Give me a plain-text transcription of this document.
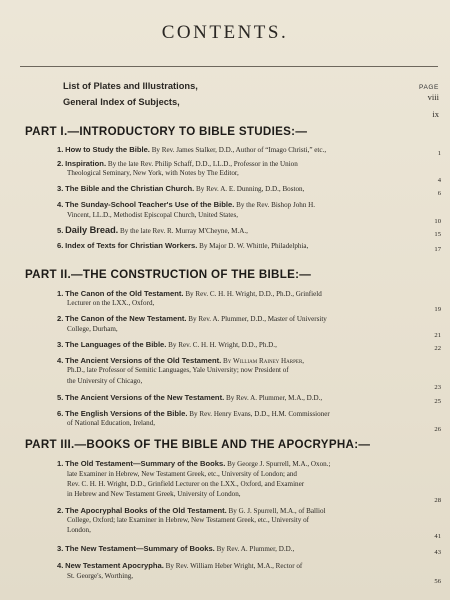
CONTENTS.
PAGE
List of Plates and Illustrations,
viii
General Index of Subjects,
ix
PART I.—INTRODUCTORY TO BIBLE STUDIES:—
1. How to Study the Bible. By Rev. James Stalker, D.D., Author of “Imago Christi,” etc.,	1
2. Inspiration. By the late Rev. Philip Schaff, D.D., LL.D., Professor in the Union
Theological Seminary, New York, with Notes by The Editor,
4
3. The Bible and the Christian Church. By Rev. A. E. Dunning, D.D., Boston,
6
4. The Sunday-School Teacher's Use of the Bible. By the Rev. Bishop John H.
Vincent, LL.D., Methodist Episcopal Church, United States,
10
5. Daily Bread. By the late Rev. R. Murray M'Cheyne, M.A.,	15
6. Index of Texts for Christian Workers. By Major D. W. Whittle, Philadelphia,	17
PART II.—THE CONSTRUCTION OF THE BIBLE:—
1. The Canon of the Old Testament. By Rev. C. H. H. Wright, D.D., Ph.D., Grinfield
Lecturer on the LXX., Oxford,
19
2. The Canon of the New Testament. By Rev. A. Plummer, D.D., Master of University
College, Durham,
21
3. The Languages of the Bible. By Rev. C. H. H. Wright, D.D., Ph.D.,	22
4. The Ancient Versions of the Old Testament. By William Rainey Harper,
Ph.D., late Professor of Semitic Languages, Yale University; now President of
the University of Chicago,
23
5. The Ancient Versions of the New Testament. By Rev. A. Plummer, M.A., D.D.,	25
6. The English Versions of the Bible. By Rev. Henry Evans, D.D., H.M. Commissioner
of National Education, Ireland,
26
PART III.—BOOKS OF THE BIBLE AND THE APOCRYPHA:—
1. The Old Testament—Summary of the Books. By George J. Spurrell, M.A., Oxon.;
late Examiner in Hebrew, New Testament Greek, etc., University of London; and
Rev. C. H. H. Wright, D.D., Grinfield Lecturer on the LXX., Oxford, and Examiner
in Hebrew and New Testament Greek, University of London,
28
2. The Apocryphal Books of the Old Testament. By G. J. Spurrell, M.A., of Balliol
College, Oxford; late Examiner in Hebrew, New Testament Greek, etc., University of
London,
41
3. The New Testament—Summary of Books. By Rev. A. Plummer, D.D.,	43
4. New Testament Apocrypha. By Rev. William Heber Wright, M.A., Rector of
St. George's, Worthing,
56
